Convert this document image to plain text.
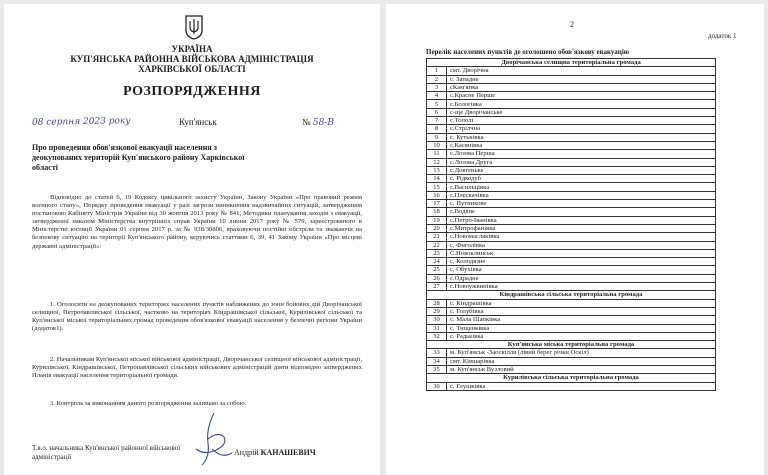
УКРАЇНА
КУП'ЯНСЬКА РАЙОННА ВІЙСЬКОВА АДМІНІСТРАЦІЯ
ХАРКІВСЬКОЇ ОБЛАСТІ
РОЗПОРЯДЖЕННЯ
08 серпня 2023 року	Куп'янськ	№ 58-В
Про проведення обов'язкової евакуації населення з деокупованих територій Куп'янського району Харківської області
Відповідно до статей 6, 19 Кодексу цивільного захисту України, Закону України «Про правовий режим воєнного стану», Порядку проведення евакуації у разі загрози виникнення надзвичайних ситуацій, затвердженим постановою Кабінету Міністрів України від 30 жовтня 2013 року № 841, Методики планування заходів з евакуації, затвердженої наказом Міністерства внутрішніх справ України 10 липня 2017 року № 579, зареєстрованого в Міністерстві юстиції України 01 серпня 2017 р. за № 938/30806, враховуючи постійні обстріли та зважаючи на безпекову ситуацію на території Куп'янського району, керуючись статтями 6, 39, 41 Закону України «Про місцеві державні адміністрації»:
1. Оголосити на деокупованих територіях населених пунктів наближених до зони бойових дій Дворічанської селищної, Петропавлівської сільської, частково на територіях Кіндрашівської сільської, Курилівської сільської та Куп'янської міської територіальних громад проведення обов'язкової евакуації населення у безпечні регіони України (додаток1).
2. Начальникам Куп'янської міської військової адміністрації, Дворічанської селищної військової адміністрації, Курилівської, Кіндрашівської, Петропавлівської сільських військових адміністрацій діяти відповідно затверджених Планів евакуації населення територіальної громади.
3. Контроль за виконанням даного розпорядження залишаю за собою.
Т.в.о. начальника Куп'янської районної військової адміністрації	Андрій КАНАШЕВИЧ
2
додаток 1
Перелік населених пунктів де оголошено обов'язкову евакуацію
Дворічанська селищна територіальна громада	
1	смт. Дворічна
2	с. Западне
3	сКам'янка
4	с.Красне Перше
5	с.Бологівка
6	с-ще Дворічанське
7	с.Тополі
8	с.Стрілчна
9	с. Кутьківка
10	с.Касянівка
11	с.Лозова Перша
12	с.Лозова Друга
13	с.Довгеньке
14	с. Рідкодуб
15	с.Васильцівка
16	с.Плескачівка
17	с. Путникове
18	с.Водяне
19	с.Петро-Іванівка
20	с.Митрофанівка
21	с.Новомасляківка
22	с. Фиголівка
23	С.Новоклинськ
24	с. Колодязне
25	с. Обухівка
26	с.Одрадне
27	с.Новоужвинівка
Кіндрашівська сільська територіальна громада	
28	с. Кіндрашівка
29	с. Голубівка
30	с. Мала Шапківка
31	с. Тищенківка
32	с. Радьківка
Куп'янська міська територіальна громада	
33	м. Куп'янськ -Заоскілля (лівий берег річки Оскіл)
34	смт. Ківшарівка
35	м. Куп'янськ Вузловий
Курилівська сільська територіальна громада	
36	с. Глушківка
